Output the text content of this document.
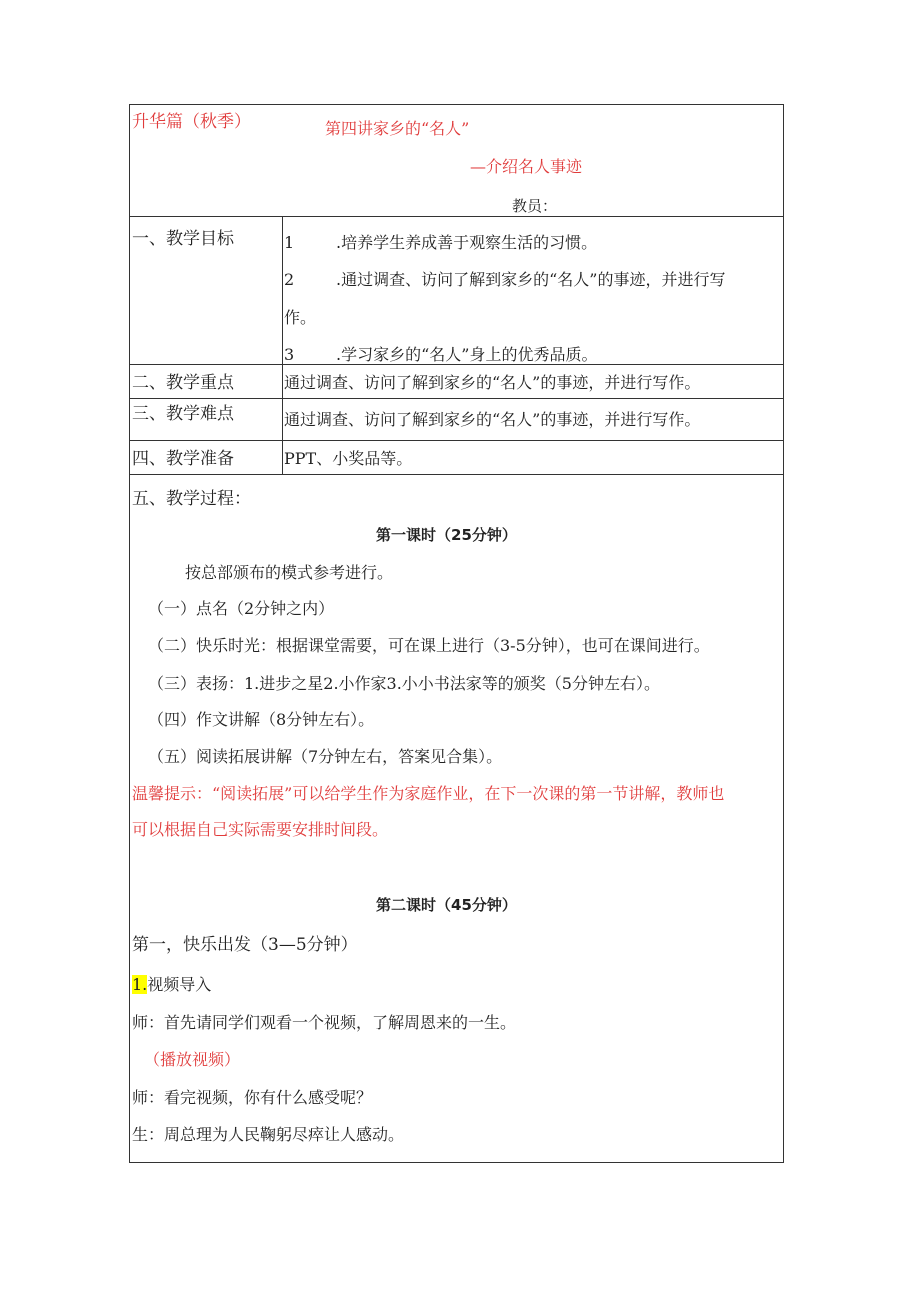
升华篇（秋季）	第四讲家乡的“名人”
—介绍名人事迹
教员：
一、教学目标	1	.培养学生养成善于观察生活的习惯。
2	.通过调查、访问了解到家乡的“名人”的事迹，并进行写
作。
3	.学习家乡的“名人”身上的优秀品质。
二、教学重点	通过调查、访问了解到家乡的“名人”的事迹，并进行写作。
三、教学难点	通过调查、访问了解到家乡的“名人”的事迹，并进行写作。
四、教学准备	PPT、小奖品等。
五、教学过程：
第一课时（25分钟）
按总部颁布的模式参考进行。
（一）点名（2分钟之内）
（二）快乐时光：根据课堂需要，可在课上进行（3-5分钟），也可在课间进行。
（三）表扬：1.进步之星2.小作家3.小小书法家等的颁奖（5分钟左右）。
（四）作文讲解（8分钟左右）。
（五）阅读拓展讲解（7分钟左右，答案见合集）。
温馨提示：“阅读拓展”可以给学生作为家庭作业，在下一次课的第一节讲解，教师也
可以根据自己实际需要安排时间段。
第二课时（45分钟）
第一，快乐出发（3—5分钟）
1.视频导入
师：首先请同学们观看一个视频，了解周恩来的一生。
（播放视频）
师：看完视频，你有什么感受呢？
生：周总理为人民鞠躬尽瘁让人感动。
